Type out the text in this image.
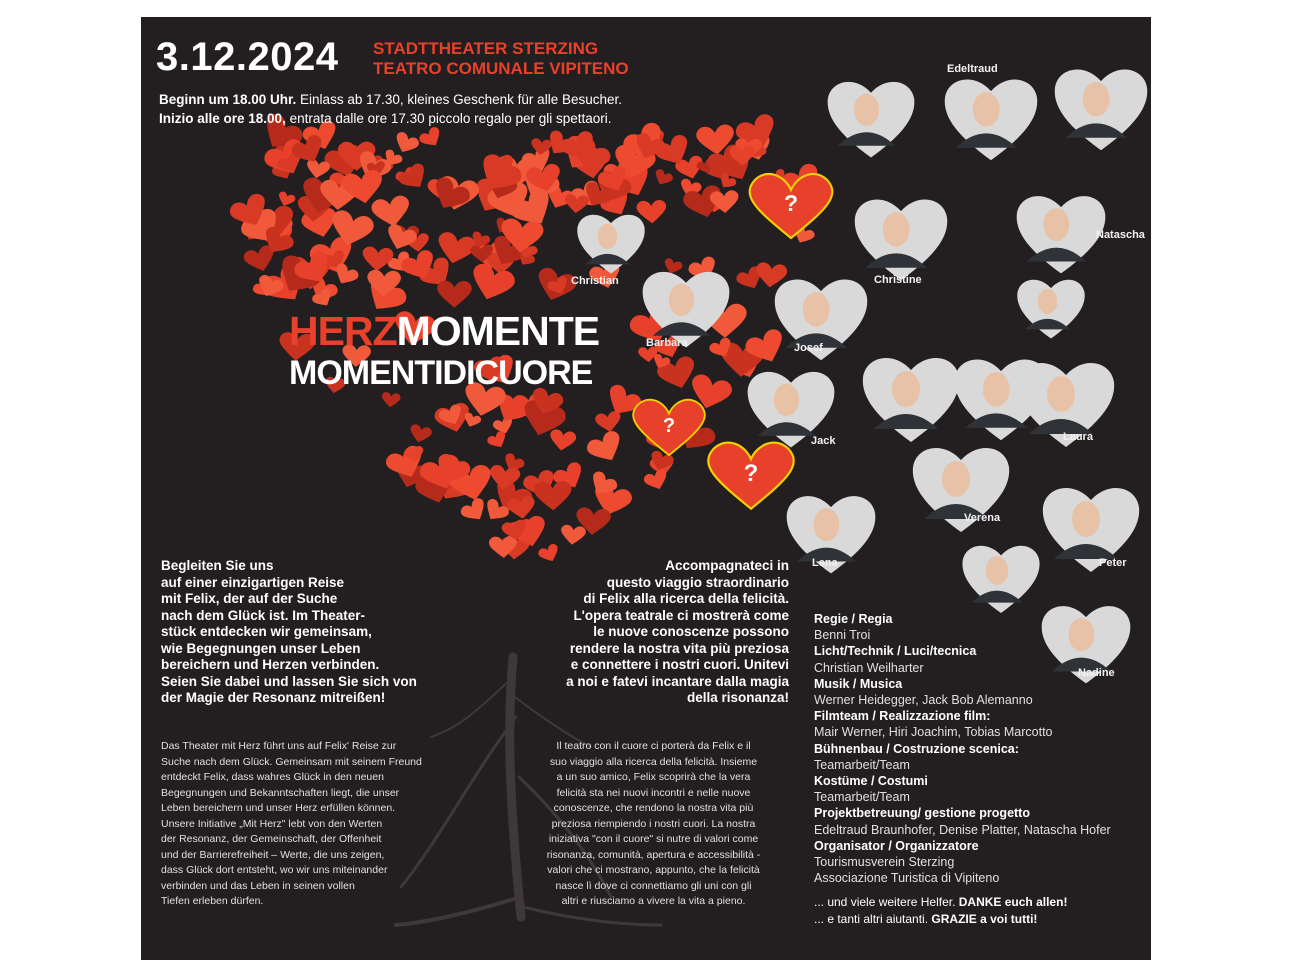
?
?
?
3.12.2024 STADTTHEATER STERZING
TEATRO COMUNALE VIPITENO
Beginn um 18.00 Uhr. Einlass ab 17.30, kleines Geschenk für alle Besucher.
Inizio alle ore 18.00, entrata dalle ore 17.30 piccolo regalo per gli spettaori.
HERZMOMENTE
MOMENTIDICUORE
Edeltraud
Christian
Natascha
Christine
Barbara	Josef
Jack	Laura
Verena
Lena	Peter
Nadine
Begleiten Sie uns
auf einer einzigartigen Reise
mit Felix, der auf der Suche
nach dem Glück ist. Im Theater-
stück entdecken wir gemeinsam,
wie Begegnungen unser Leben
bereichern und Herzen verbinden.
Seien Sie dabei und lassen Sie sich von
der Magie der Resonanz mitreißen!
Accompagnateci in
questo viaggio straordinario
di Felix alla ricerca della felicità.
L'opera teatrale ci mostrerà come
le nuove conoscenze possono
rendere la nostra vita più preziosa
e connettere i nostri cuori. Unitevi
a noi e fatevi incantare dalla magia
della risonanza!
Das Theater mit Herz führt uns auf Felix' Reise zur
Suche nach dem Glück. Gemeinsam mit seinem Freund
entdeckt Felix, dass wahres Glück in den neuen
Begegnungen und Bekanntschaften liegt, die unser
Leben bereichern und unser Herz erfüllen können.
Unsere Initiative „Mit Herz" lebt von den Werten
der Resonanz, der Gemeinschaft, der Offenheit
und der Barrierefreiheit – Werte, die uns zeigen,
dass Glück dort entsteht, wo wir uns miteinander
verbinden und das Leben in seinen vollen
Tiefen erleben dürfen.
Il teatro con il cuore ci porterà da Felix e il
suo viaggio alla ricerca della felicità. Insieme
a un suo amico, Felix scoprirà che la vera
felicità sta nei nuovi incontri e nelle nuove
conoscenze, che rendono la nostra vita più
preziosa riempiendo i nostri cuori. La nostra
iniziativa "con il cuore" si nutre di valori come
risonanza, comunità, apertura e accessibilità -
valori che ci mostrano, appunto, che la felicità
nasce lì dove ci connettiamo gli uni con gli
altri e riusciamo a vivere la vita a pieno.
Regie / Regia
Benni Troi
Licht/Technik / Luci/tecnica
Christian Weilharter
Musik / Musica
Werner Heidegger, Jack Bob Alemanno
Filmteam / Realizzazione film:
Mair Werner, Hiri Joachim, Tobias Marcotto
Bühnenbau / Costruzione scenica:
Teamarbeit/Team
Kostüme / Costumi
Teamarbeit/Team
Projektbetreuung/ gestione progetto
Edeltraud Braunhofer, Denise Platter, Natascha Hofer
Organisator / Organizzatore
Tourismusverein Sterzing
Associazione Turistica di Vipiteno
... und viele weitere Helfer. DANKE euch allen!
... e tanti altri aiutanti. GRAZIE a voi tutti!
